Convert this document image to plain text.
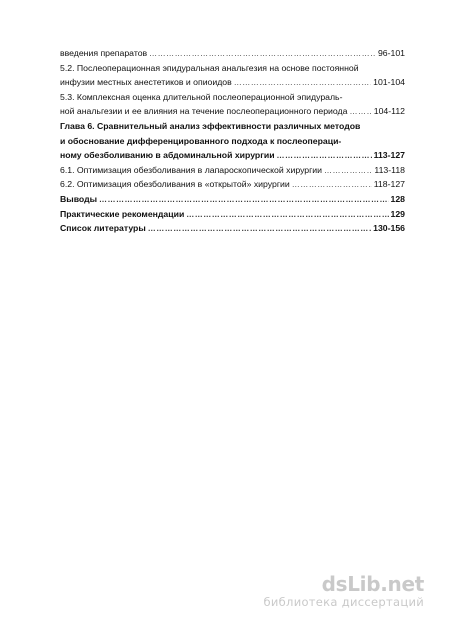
введения препаратов …………………………………………………………………………………………………………………………………………	96-101
5.2. Послеоперационная эпидуральная анальгезия на основе постоянной
инфузии местных анестетиков и опиоидов …………………………………………………………………………………………………………………………………………	101-104
5.3. Комплексная оценка длительной послеоперационной эпидураль-
ной анальгезии и ее влияния на течение послеоперационного периода …………………………………………………………………………………………………………………………………………	104-112
Глава 6. Сравнительный анализ эффективности различных методов
и обоснование дифференцированного подхода к послеопераци-
ному обезболиванию в абдоминальной хирургии …………………………………………………………………………………………………………………………………………	113-127
6.1. Оптимизация обезболивания в лапароскопической хирургии …………………………………………………………………………………………………………………………………………	113-118
6.2. Оптимизация обезболивания в «открытой» хирургии …………………………………………………………………………………………………………………………………………	118-127
Выводы …………………………………………………………………………………………………………………………………………	128
Практические рекомендации …………………………………………………………………………………………………………………………………………	129
Список литературы …………………………………………………………………………………………………………………………………………	130-156
dsLib.net
библиотека диссертаций
